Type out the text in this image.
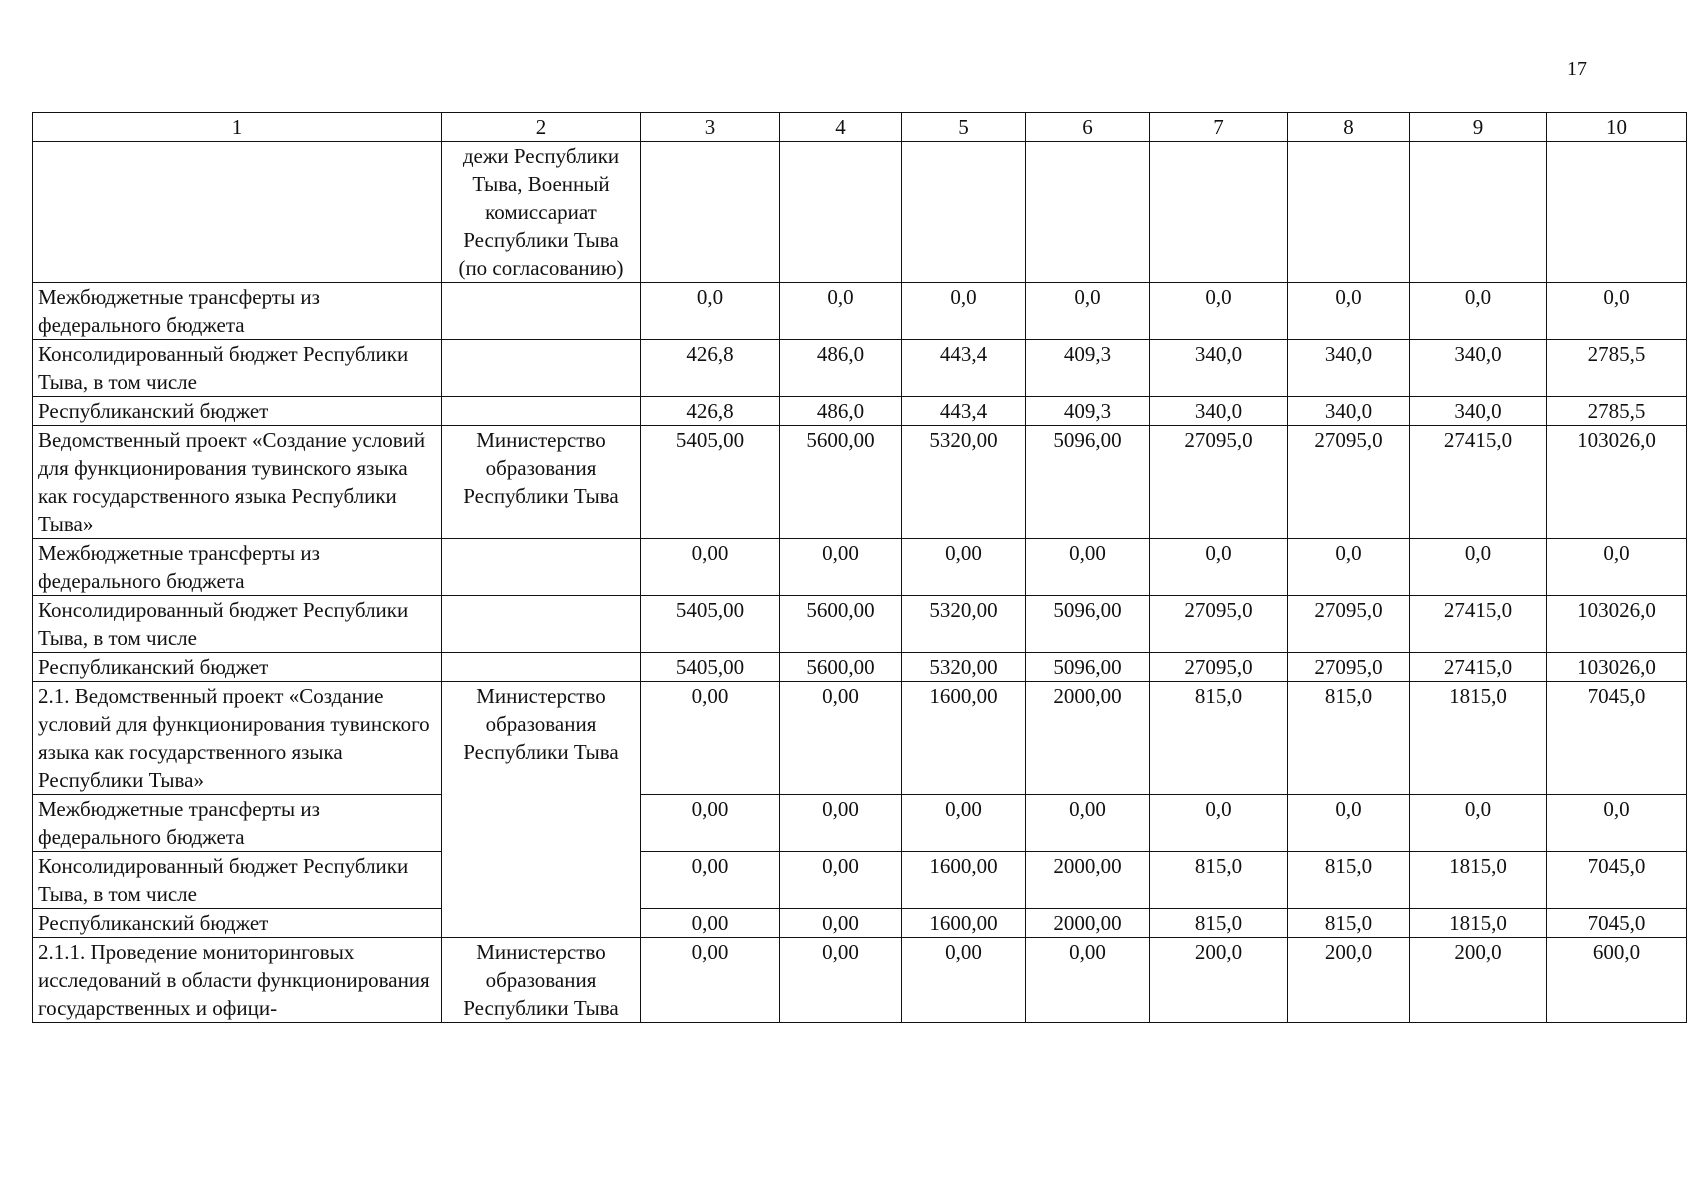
17
1	2	3	4	5	6	7	8	9	10
	дежи Республики Тыва, Военный комиссариат Республики Тыва (по согласованию)								
Межбюджетные трансферты из федерального бюджета		0,0	0,0	0,0	0,0	0,0	0,0	0,0	0,0
Консолидированный бюджет Республики Тыва, в том числе		426,8	486,0	443,4	409,3	340,0	340,0	340,0	2785,5
Республиканский бюджет		426,8	486,0	443,4	409,3	340,0	340,0	340,0	2785,5
Ведомственный проект «Создание условий для функционирования тувинского языка как государственного языка Республики Тыва»	Министерство образования Республики Тыва	5405,00	5600,00	5320,00	5096,00	27095,0	27095,0	27415,0	103026,0
Межбюджетные трансферты из федерального бюджета		0,00	0,00	0,00	0,00	0,0	0,0	0,0	0,0
Консолидированный бюджет Республики Тыва, в том числе		5405,00	5600,00	5320,00	5096,00	27095,0	27095,0	27415,0	103026,0
Республиканский бюджет		5405,00	5600,00	5320,00	5096,00	27095,0	27095,0	27415,0	103026,0
2.1. Ведомственный проект «Создание условий для функционирования тувинского языка как государственного языка Республики Тыва»	Министерство образования Республики Тыва	0,00	0,00	1600,00	2000,00	815,0	815,0	1815,0	7045,0
Межбюджетные трансферты из федерального бюджета		0,00	0,00	0,00	0,00	0,0	0,0	0,0	0,0
Консолидированный бюджет Республики Тыва, в том числе		0,00	0,00	1600,00	2000,00	815,0	815,0	1815,0	7045,0
Республиканский бюджет		0,00	0,00	1600,00	2000,00	815,0	815,0	1815,0	7045,0
2.1.1. Проведение мониторинговых исследований в области функционирования государственных и офици-	Министерство образования Республики Тыва	0,00	0,00	0,00	0,00	200,0	200,0	200,0	600,0
